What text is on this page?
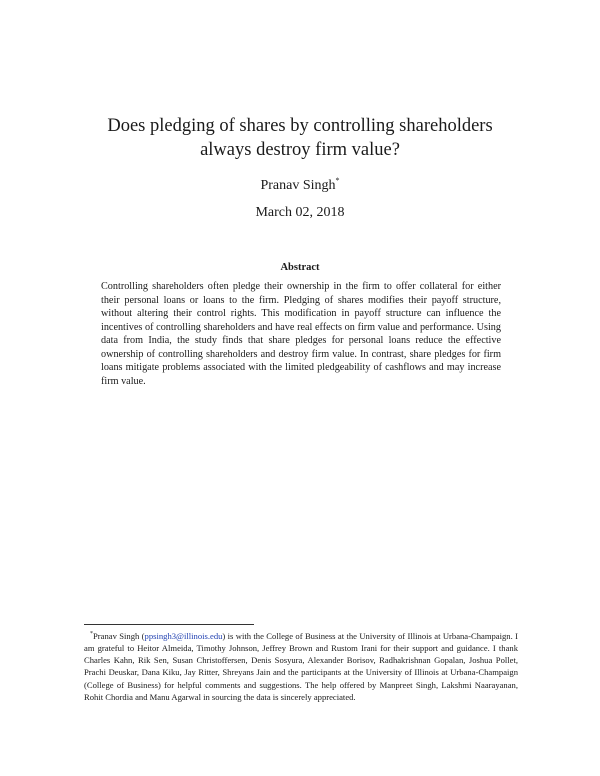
Does pledging of shares by controlling shareholders
always destroy firm value?
Pranav Singh*
March 02, 2018
Abstract
Controlling shareholders often pledge their ownership in the firm to offer collateral for either their personal loans or loans to the firm. Pledging of shares modifies their payoff structure, without altering their control rights. This modification in payoff structure can influence the incentives of controlling shareholders and have real effects on firm value and performance. Using data from India, the study finds that share pledges for personal loans reduce the effective ownership of controlling shareholders and destroy firm value. In contrast, share pledges for firm loans mitigate problems associated with the limited pledgeability of cashflows and may increase firm value.
*Pranav Singh (ppsingh3@illinois.edu) is with the College of Business at the University of Illinois at Urbana-Champaign. I am grateful to Heitor Almeida, Timothy Johnson, Jeffrey Brown and Rustom Irani for their support and guidance. I thank Charles Kahn, Rik Sen, Susan Christoffersen, Denis Sosyura, Alexander Borisov, Radhakrishnan Gopalan, Joshua Pollet, Prachi Deuskar, Dana Kiku, Jay Ritter, Shreyans Jain and the participants at the University of Illinois at Urbana-Champaign (College of Business) for helpful comments and suggestions. The help offered by Manpreet Singh, Lakshmi Naarayanan, Rohit Chordia and Manu Agarwal in sourcing the data is sincerely appreciated.
